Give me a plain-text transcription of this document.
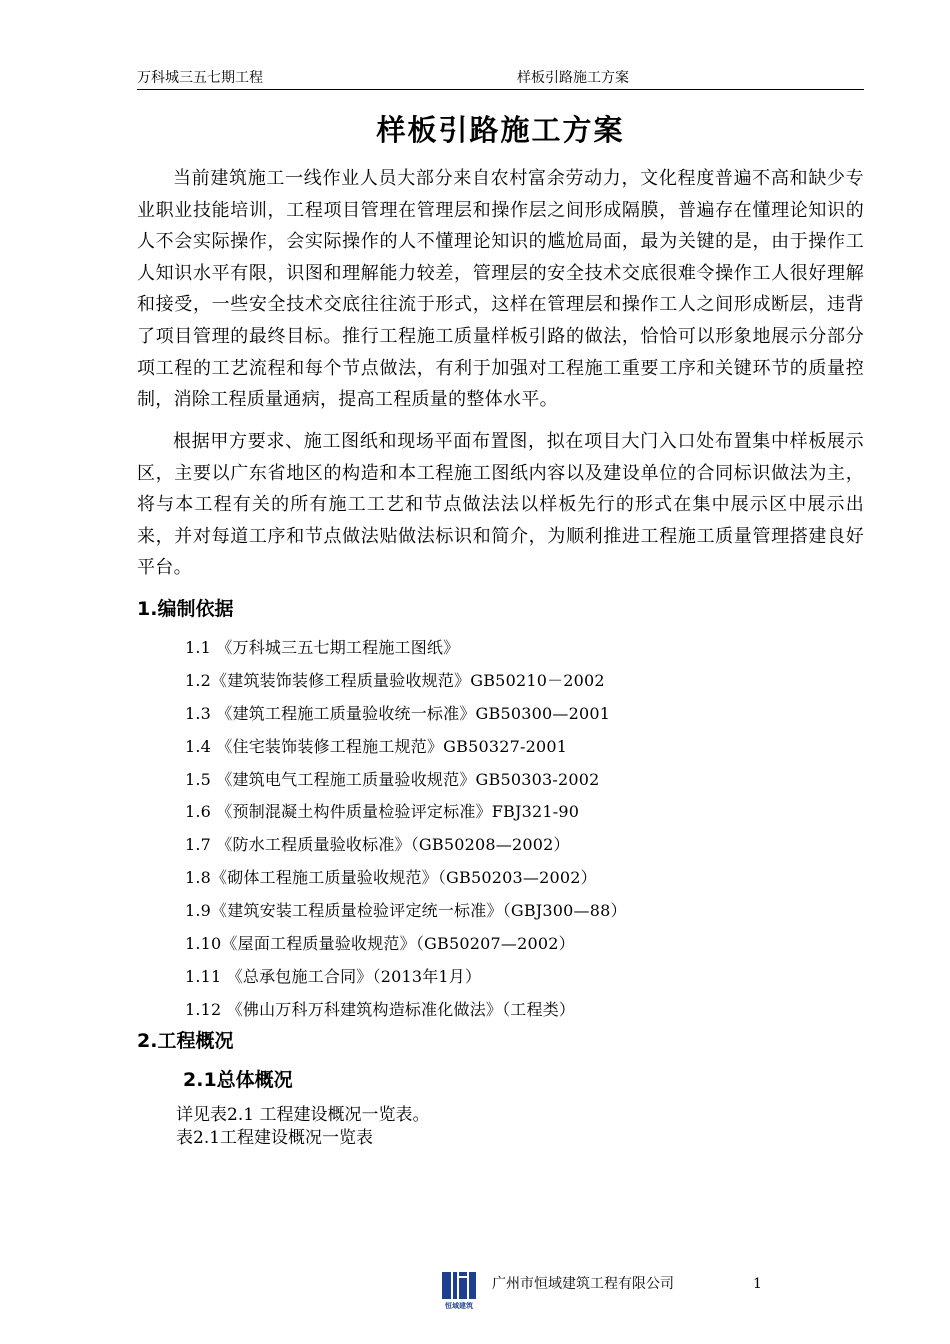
万科城三五七期工程	样板引路施工方案
样板引路施工方案

当前建筑施工一线作业人员大部分来自农村富余劳动力，文化程度普遍不高和缺少专业职业技能培训，工程项目管理在管理层和操作层之间形成隔膜，普遍存在懂理论知识的人不会实际操作，会实际操作的人不懂理论知识的尴尬局面，最为关键的是，由于操作工人知识水平有限，识图和理解能力较差，管理层的安全技术交底很难令操作工人很好理解和接受，一些安全技术交底往往流于形式，这样在管理层和操作工人之间形成断层，违背了项目管理的最终目标。推行工程施工质量样板引路的做法，恰恰可以形象地展示分部分项工程的工艺流程和每个节点做法，有利于加强对工程施工重要工序和关键环节的质量控制，消除工程质量通病，提高工程质量的整体水平。

根据甲方要求、施工图纸和现场平面布置图，拟在项目大门入口处布置集中样板展示区，主要以广东省地区的构造和本工程施工图纸内容以及建设单位的合同标识做法为主，将与本工程有关的所有施工工艺和节点做法法以样板先行的形式在集中展示区中展示出来，并对每道工序和节点做法贴做法标识和简介，为顺利推进工程施工质量管理搭建良好平台。

1.编制依据
1.1 《万科城三五七期工程施工图纸》
1.2《建筑装饰装修工程质量验收规范》GB50210－2002
1.3 《建筑工程施工质量验收统一标准》GB50300—2001
1.4 《住宅装饰装修工程施工规范》GB50327-2001
1.5 《建筑电气工程施工质量验收规范》GB50303-2002
1.6 《预制混凝土构件质量检验评定标准》FBJ321-90
1.7 《防水工程质量验收标准》（GB50208—2002）
1.8《砌体工程施工质量验收规范》（GB50203—2002）
1.9《建筑安装工程质量检验评定统一标准》（GBJ300—88）
1.10《屋面工程质量验收规范》（GB50207—2002）
1.11 《总承包施工合同》（2013年1月）
1.12 《佛山万科万科建筑构造标准化做法》（工程类）
2.工程概况
2.1总体概况
详见表2.1 工程建设概况一览表。
表2.1工程建设概况一览表
恒域建筑
广州市恒域建筑工程有限公司	1
